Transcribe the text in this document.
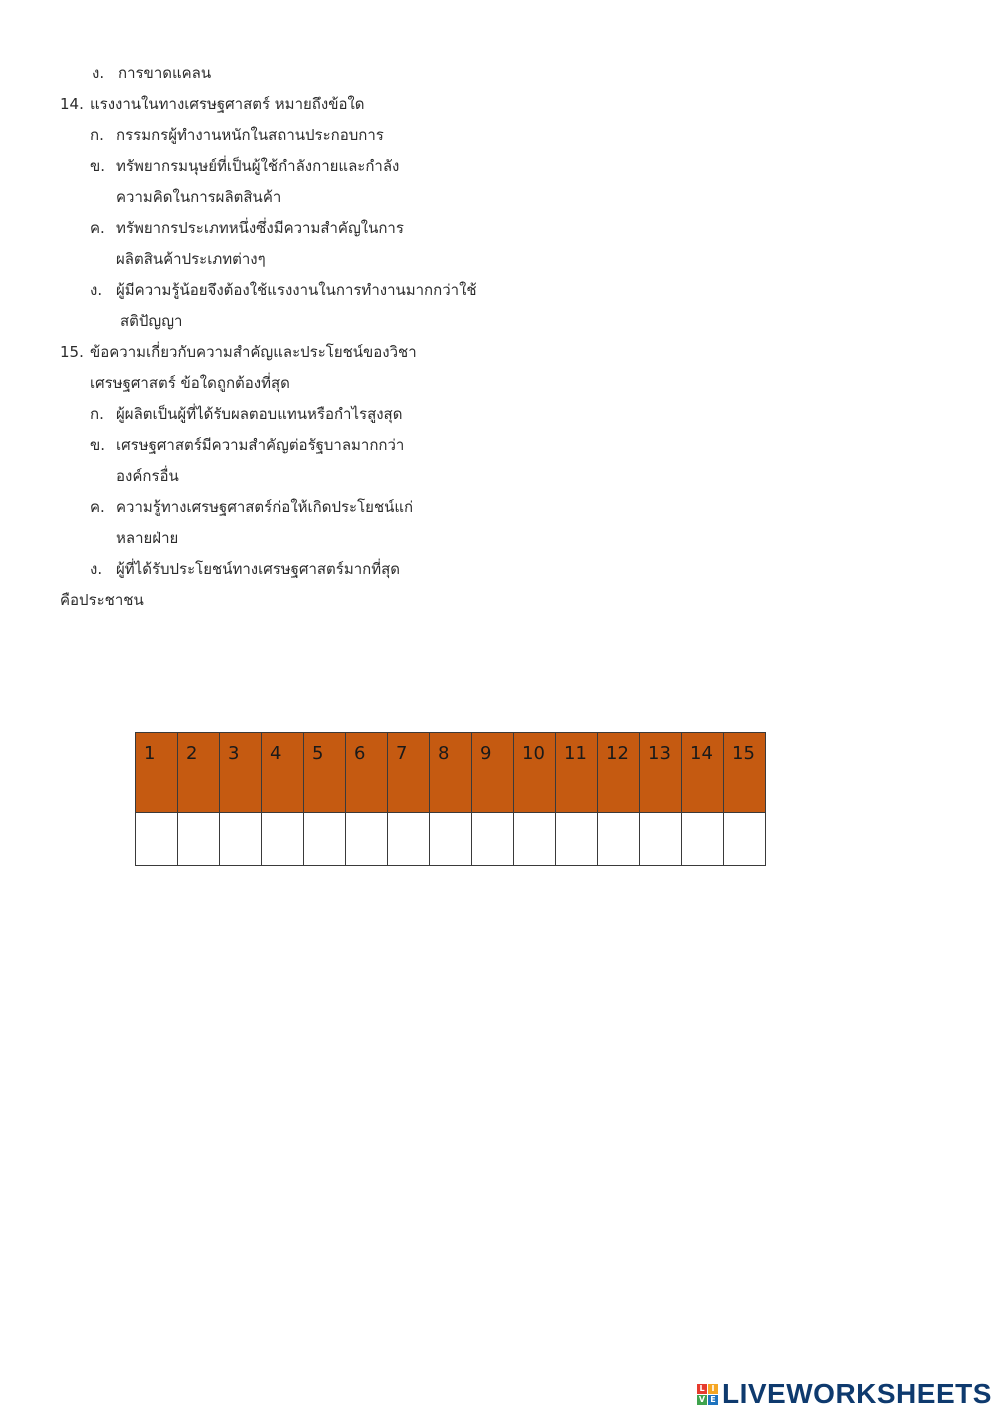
ง. การขาดแคลน
14. แรงงานในทางเศรษฐศาสตร์ หมายถึงข้อใด
ก. กรรมกรผู้ทำงานหนักในสถานประกอบการ
ข. ทรัพยากรมนุษย์ที่เป็นผู้ใช้กำลังกายและกำลัง
ความคิดในการผลิตสินค้า
ค. ทรัพยากรประเภทหนึ่งซึ่งมีความสำคัญในการ
ผลิตสินค้าประเภทต่างๆ
ง. ผู้มีความรู้น้อยจึงต้องใช้แรงงานในการทำงานมากกว่าใช้
สติปัญญา
15. ข้อความเกี่ยวกับความสำคัญและประโยชน์ของวิชา
เศรษฐศาสตร์ ข้อใดถูกต้องที่สุด
ก. ผู้ผลิตเป็นผู้ที่ได้รับผลตอบแทนหรือกำไรสูงสุด
ข. เศรษฐศาสตร์มีความสำคัญต่อรัฐบาลมากกว่า
องค์กรอื่น
ค. ความรู้ทางเศรษฐศาสตร์ก่อให้เกิดประโยชน์แก่
หลายฝ่าย
ง. ผู้ที่ได้รับประโยชน์ทางเศรษฐศาสตร์มากที่สุด
คือประชาชน
1	2	3	4	5	6	7	8	9	10	11	12	13	14	15

L I
V E LIVEWORKSHEETS
